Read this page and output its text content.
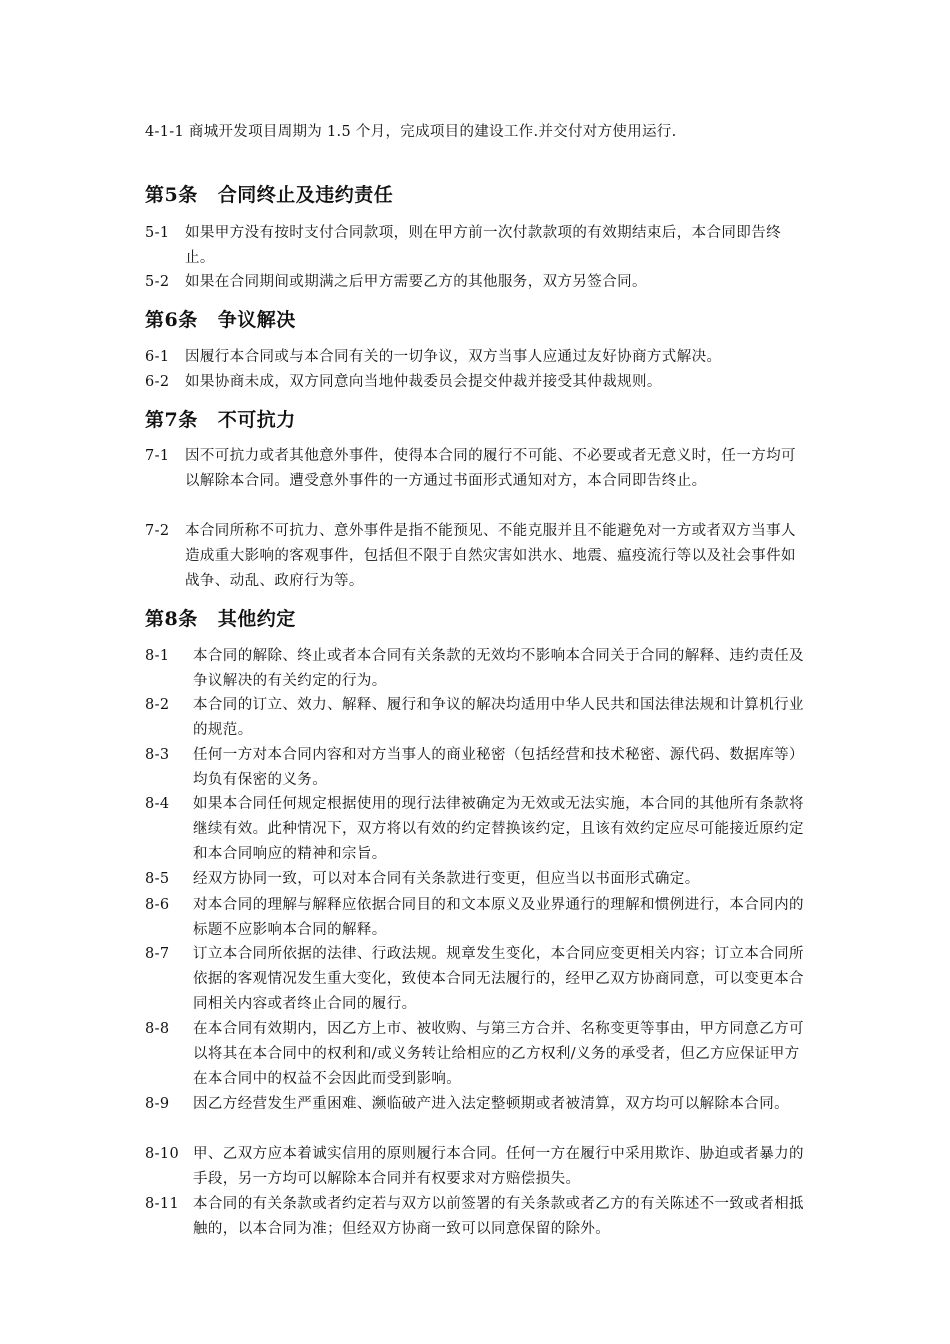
4-1-1 商城开发项目周期为 1.5 个月，完成项目的建设工作.并交付对方使用运行.
第5条 合同终止及违约责任
5-1	如果甲方没有按时支付合同款项，则在甲方前一次付款款项的有效期结束后，本合同即告终止。
5-2	如果在合同期间或期满之后甲方需要乙方的其他服务，双方另签合同。
第6条 争议解决
6-1	因履行本合同或与本合同有关的一切争议，双方当事人应通过友好协商方式解决。
6-2	如果协商未成，双方同意向当地仲裁委员会提交仲裁并接受其仲裁规则。
第7条 不可抗力
7-1	因不可抗力或者其他意外事件，使得本合同的履行不可能、不必要或者无意义时，任一方均可以解除本合同。遭受意外事件的一方通过书面形式通知对方，本合同即告终止。
7-2	本合同所称不可抗力、意外事件是指不能预见、不能克服并且不能避免对一方或者双方当事人造成重大影响的客观事件，包括但不限于自然灾害如洪水、地震、瘟疫流行等以及社会事件如战争、动乱、政府行为等。
第8条 其他约定
8-1	本合同的解除、终止或者本合同有关条款的无效均不影响本合同关于合同的解释、违约责任及争议解决的有关约定的行为。
8-2	本合同的订立、效力、解释、履行和争议的解决均适用中华人民共和国法律法规和计算机行业的规范。
8-3	任何一方对本合同内容和对方当事人的商业秘密（包括经营和技术秘密、源代码、数据库等）均负有保密的义务。
8-4	如果本合同任何规定根据使用的现行法律被确定为无效或无法实施，本合同的其他所有条款将继续有效。此种情况下，双方将以有效的约定替换该约定，且该有效约定应尽可能接近原约定和本合同响应的精神和宗旨。
8-5	经双方协同一致，可以对本合同有关条款进行变更，但应当以书面形式确定。
8-6	对本合同的理解与解释应依据合同目的和文本原义及业界通行的理解和惯例进行，本合同内的标题不应影响本合同的解释。
8-7	订立本合同所依据的法律、行政法规。规章发生变化，本合同应变更相关内容；订立本合同所依据的客观情况发生重大变化，致使本合同无法履行的，经甲乙双方协商同意，可以变更本合同相关内容或者终止合同的履行。
8-8	在本合同有效期内，因乙方上市、被收购、与第三方合并、名称变更等事由，甲方同意乙方可以将其在本合同中的权利和/或义务转让给相应的乙方权利/义务的承受者，但乙方应保证甲方在本合同中的权益不会因此而受到影响。
8-9	因乙方经营发生严重困难、濒临破产进入法定整顿期或者被清算，双方均可以解除本合同。
8-10 甲、乙双方应本着诚实信用的原则履行本合同。任何一方在履行中采用欺诈、胁迫或者暴力的手段，另一方均可以解除本合同并有权要求对方赔偿损失。
8-11 本合同的有关条款或者约定若与双方以前签署的有关条款或者乙方的有关陈述不一致或者相抵触的，以本合同为准；但经双方协商一致可以同意保留的除外。
